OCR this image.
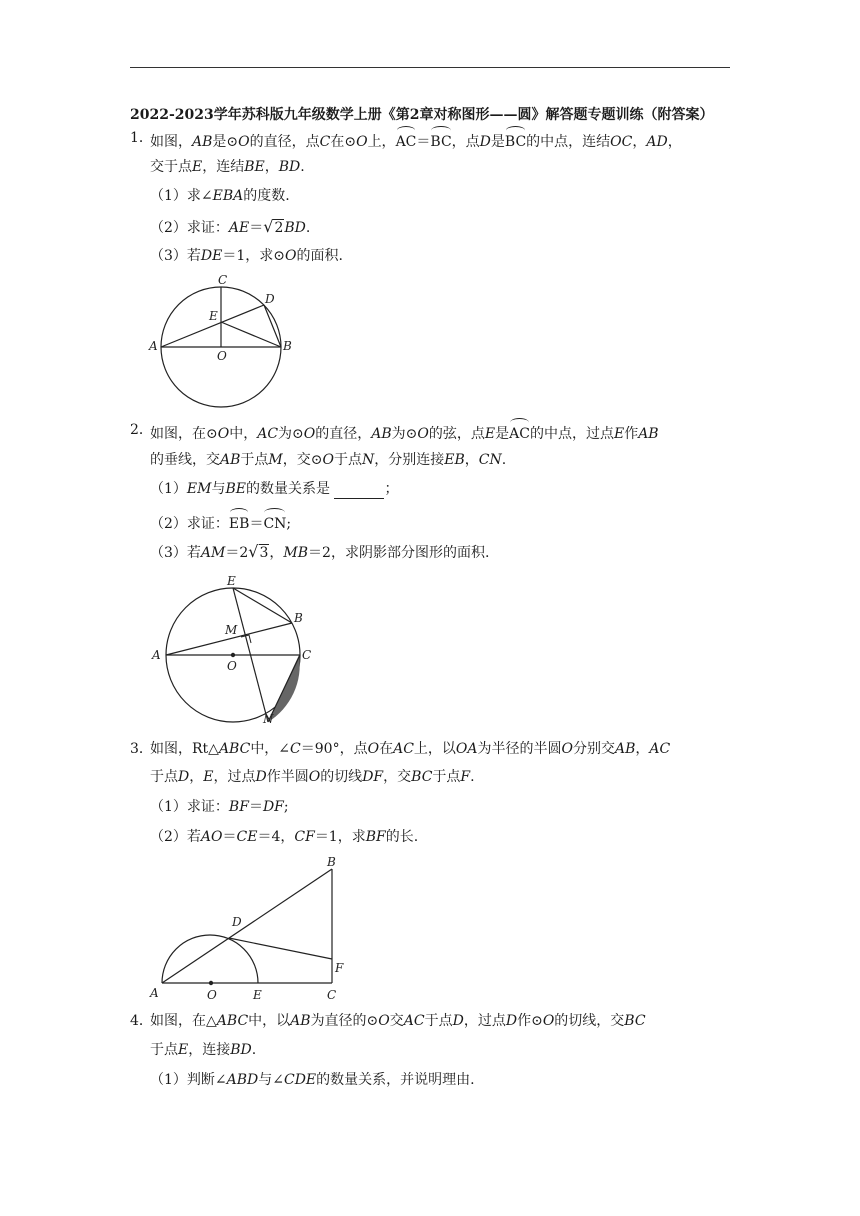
2022-2023学年苏科版九年级数学上册《第2章对称图形——圆》解答题专题训练（附答案）
1．
如图，AB是⊙O的直径，点C在⊙O上，AC＝BC，点D是BC的中点，连结OC，AD，
交于点E，连结BE，BD.
（1）求∠EBA的度数.
（2）求证：AE＝√2BD.
（3）若DE＝1，求⊙O的面积.
C
D
E
A
O
B
2．
如图，在⊙O中，AC为⊙O的直径，AB为⊙O的弦，点E是AC的中点，过点E作AB
的垂线，交AB于点M，交⊙O于点N，分别连接EB，CN.
（1）EM与BE的数量关系是	；
（2）求证：EB＝CN;
（3）若AM＝2√3，MB＝2，求阴影部分图形的面积.
E
B
M
A
O
C
N
3．
如图，Rt△ABC中，∠C＝90°，点O在AC上，以OA为半径的半圆O分别交AB，AC
于点D，E，过点D作半圆O的切线DF，交BC于点F.
（1）求证：BF＝DF;
（2）若AO＝CE＝4，CF＝1，求BF的长.
B
D
F
A	O	E	C
4．
如图，在△ABC中，以AB为直径的⊙O交AC于点D，过点D作⊙O的切线，交BC
于点E，连接BD.
（1）判断∠ABD与∠CDE的数量关系，并说明理由.
